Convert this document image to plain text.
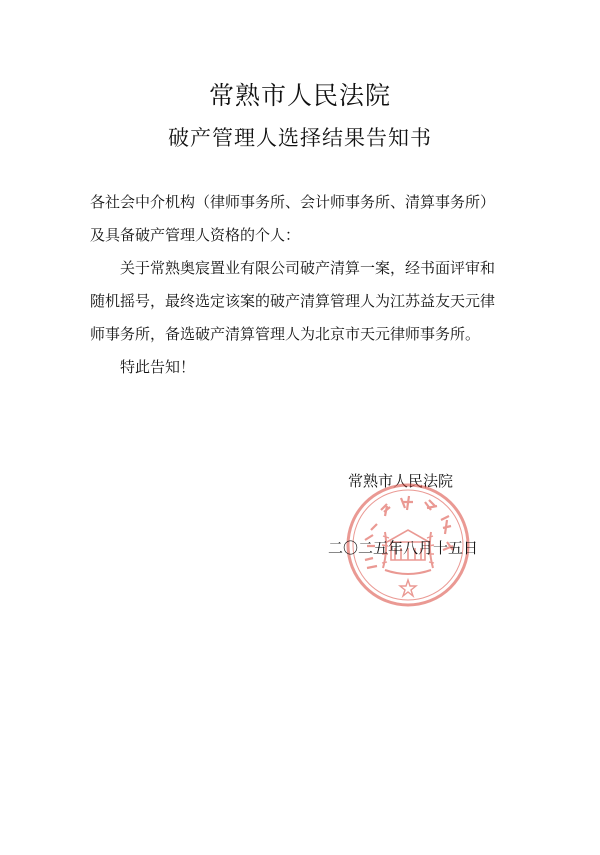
常熟市人民法院
破产管理人选择结果告知书
各社会中介机构（律师事务所、会计师事务所、清算事务所）
及具备破产管理人资格的个人：
关于常熟奥宸置业有限公司破产清算一案，经书面评审和
随机摇号，最终选定该案的破产清算管理人为江苏益友天元律
师事务所，备选破产清算管理人为北京市天元律师事务所。
特此告知！
常熟市人民法院
二〇二五年八月十五日
